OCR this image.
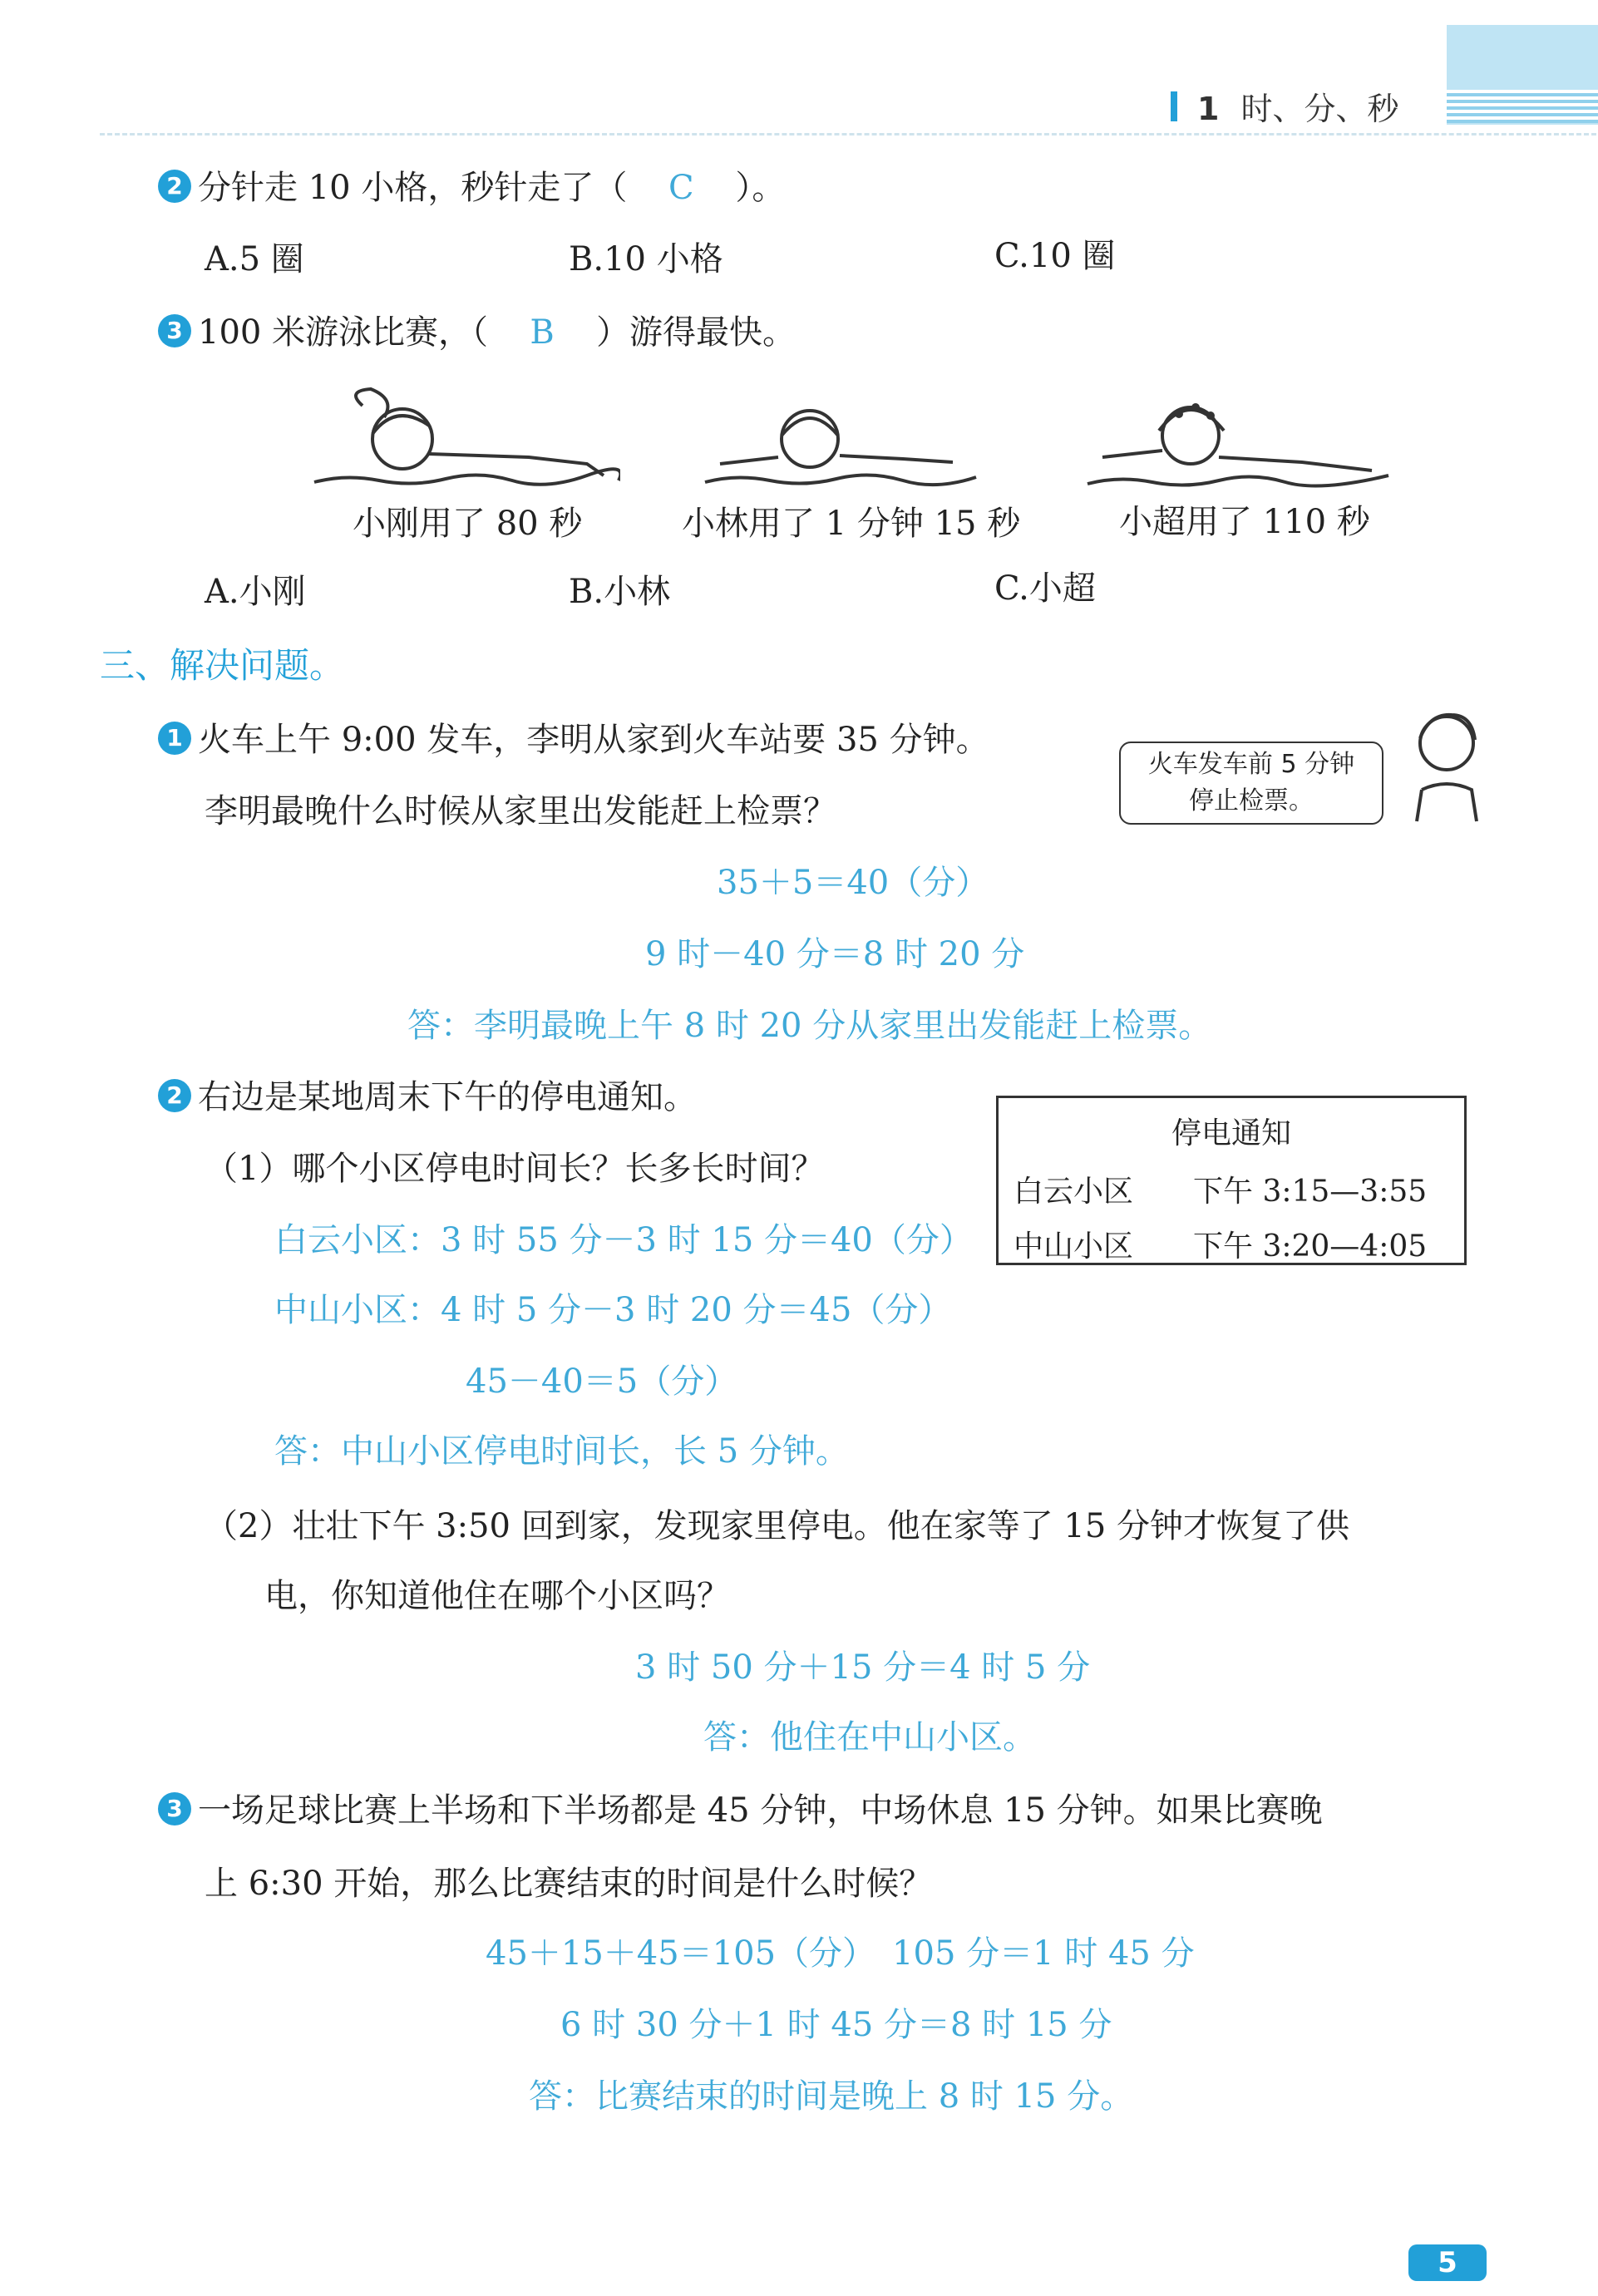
1 时、分、秒
2 分针走 10 小格，秒针走了（ C ）。
A.5 圈	B.10 小格	C.10 圈
3 100 米游泳比赛，（ B ）游得最快。
小刚用了 80 秒	小林用了 1 分钟 15 秒	小超用了 110 秒
A.小刚	B.小林	C.小超
三、解决问题。
1 火车上午 9:00 发车，李明从家到火车站要 35 分钟。
李明最晚什么时候从家里出发能赶上检票？
火车发车前 5 分钟
停止检票。
35＋5＝40（分）
9 时－40 分＝8 时 20 分
答：李明最晚上午 8 时 20 分从家里出发能赶上检票。
2 右边是某地周末下午的停电通知。
停电通知
白云小区 下午 3:15—3:55
中山小区 下午 3:20—4:05
（1）哪个小区停电时间长？长多长时间？
白云小区：3 时 55 分－3 时 15 分＝40（分）
中山小区：4 时 5 分－3 时 20 分＝45（分）
45－40＝5（分）
答：中山小区停电时间长，长 5 分钟。
（2）壮壮下午 3:50 回到家，发现家里停电。他在家等了 15 分钟才恢复了供
电，你知道他住在哪个小区吗？
3 时 50 分＋15 分＝4 时 5 分
答：他住在中山小区。
3 一场足球比赛上半场和下半场都是 45 分钟，中场休息 15 分钟。如果比赛晚
上 6:30 开始，那么比赛结束的时间是什么时候？
45＋15＋45＝105（分）　105 分＝1 时 45 分
6 时 30 分＋1 时 45 分＝8 时 15 分
答：比赛结束的时间是晚上 8 时 15 分。
5
